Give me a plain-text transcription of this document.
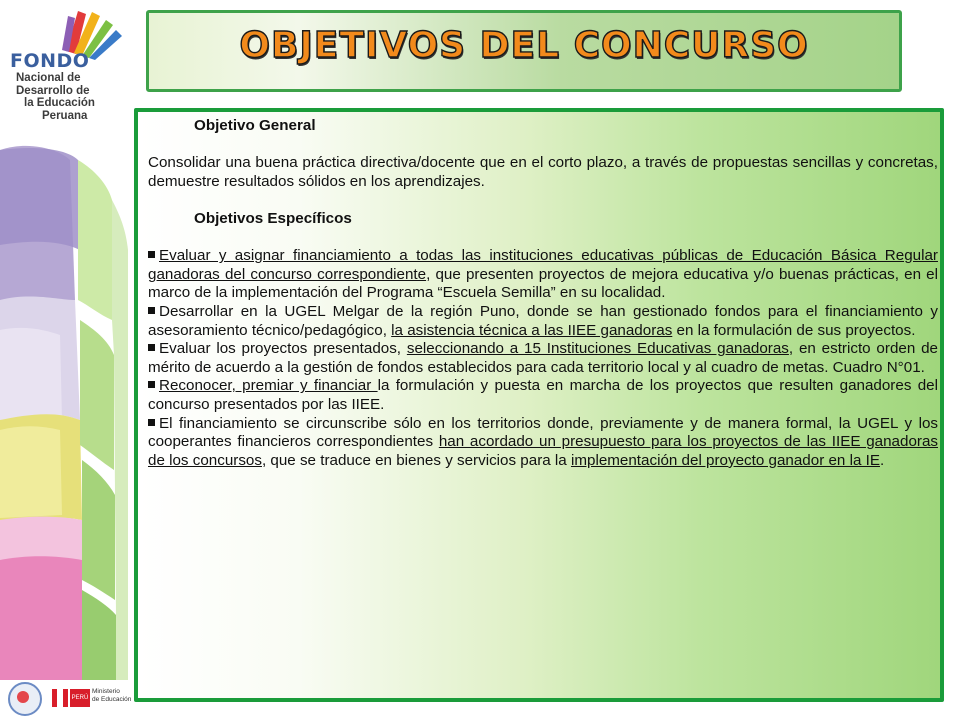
FONDO
Nacional de
Desarrollo de
la Educación
Peruana
PERÚ
Ministerio
de Educación
OBJETIVOS DEL CONCURSO
Objetivo General

Consolidar una buena práctica directiva/docente que en el corto plazo, a través de propuestas sencillas y concretas, demuestre resultados sólidos en los aprendizajes.

Objetivos Específicos

Evaluar y asignar financiamiento a todas las instituciones educativas públicas de Educación Básica Regular ganadoras del concurso correspondiente, que presenten proyectos de mejora educativa y/o buenas prácticas, en el marco de la implementación del Programa “Escuela Semilla” en su localidad.

Desarrollar en la UGEL Melgar de la región Puno, donde se han gestionado fondos para el financiamiento y asesoramiento técnico/pedagógico, la asistencia técnica a las IIEE ganadoras en la formulación de sus proyectos.

Evaluar los proyectos presentados, seleccionando a 15 Instituciones Educativas ganadoras, en estricto orden de mérito de acuerdo a la gestión de fondos establecidos para cada territorio local y al cuadro de metas. Cuadro N°01.

Reconocer, premiar y financiar la formulación y puesta en marcha de los proyectos que resulten ganadores del concurso presentados por las IIEE.

El financiamiento se circunscribe sólo en los territorios donde, previamente y de manera formal, la UGEL y los cooperantes financieros correspondientes han acordado un presupuesto para los proyectos de las IIEE ganadoras de los concursos, que se traduce en bienes y servicios para la implementación del proyecto ganador en la IE.
